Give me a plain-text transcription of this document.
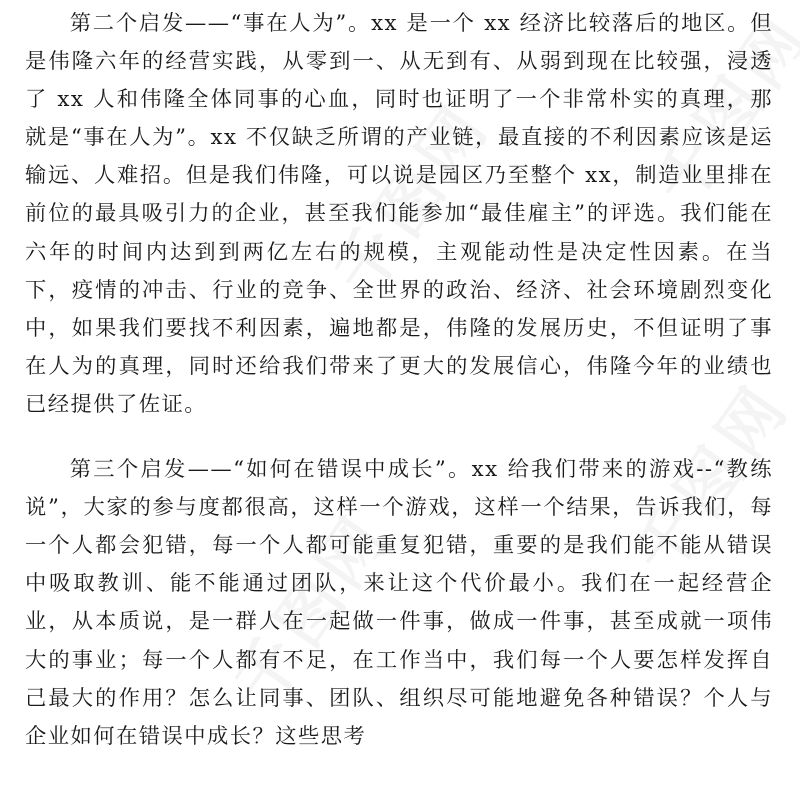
第二个启发——“事在人为”。xx 是一个 xx 经济比较落后的地区。但是伟隆六年的经营实践，从零到一、从无到有、从弱到现在比较强，浸透了 xx 人和伟隆全体同事的心血，同时也证明了一个非常朴实的真理，那就是“事在人为”。xx 不仅缺乏所谓的产业链，最直接的不利因素应该是运输远、人难招。但是我们伟隆，可以说是园区乃至整个 xx，制造业里排在前位的最具吸引力的企业，甚至我们能参加“最佳雇主”的评选。我们能在六年的时间内达到到两亿左右的规模，主观能动性是决定性因素。在当下，疫情的冲击、行业的竞争、全世界的政治、经济、社会环境剧烈变化中，如果我们要找不利因素，遍地都是，伟隆的发展历史，不但证明了事在人为的真理，同时还给我们带来了更大的发展信心，伟隆今年的业绩也已经提供了佐证。

第三个启发——“如何在错误中成长”。xx 给我们带来的游戏--“教练说”，大家的参与度都很高，这样一个游戏，这样一个结果，告诉我们，每一个人都会犯错，每一个人都可能重复犯错，重要的是我们能不能从错误中吸取教训、能不能通过团队，来让这个代价最小。我们在一起经营企业，从本质说，是一群人在一起做一件事，做成一件事，甚至成就一项伟大的事业；每一个人都有不足，在工作当中，我们每一个人要怎样发挥自己最大的作用？怎么让同事、团队、组织尽可能地避免各种错误？个人与企业如何在错误中成长？这些思考
